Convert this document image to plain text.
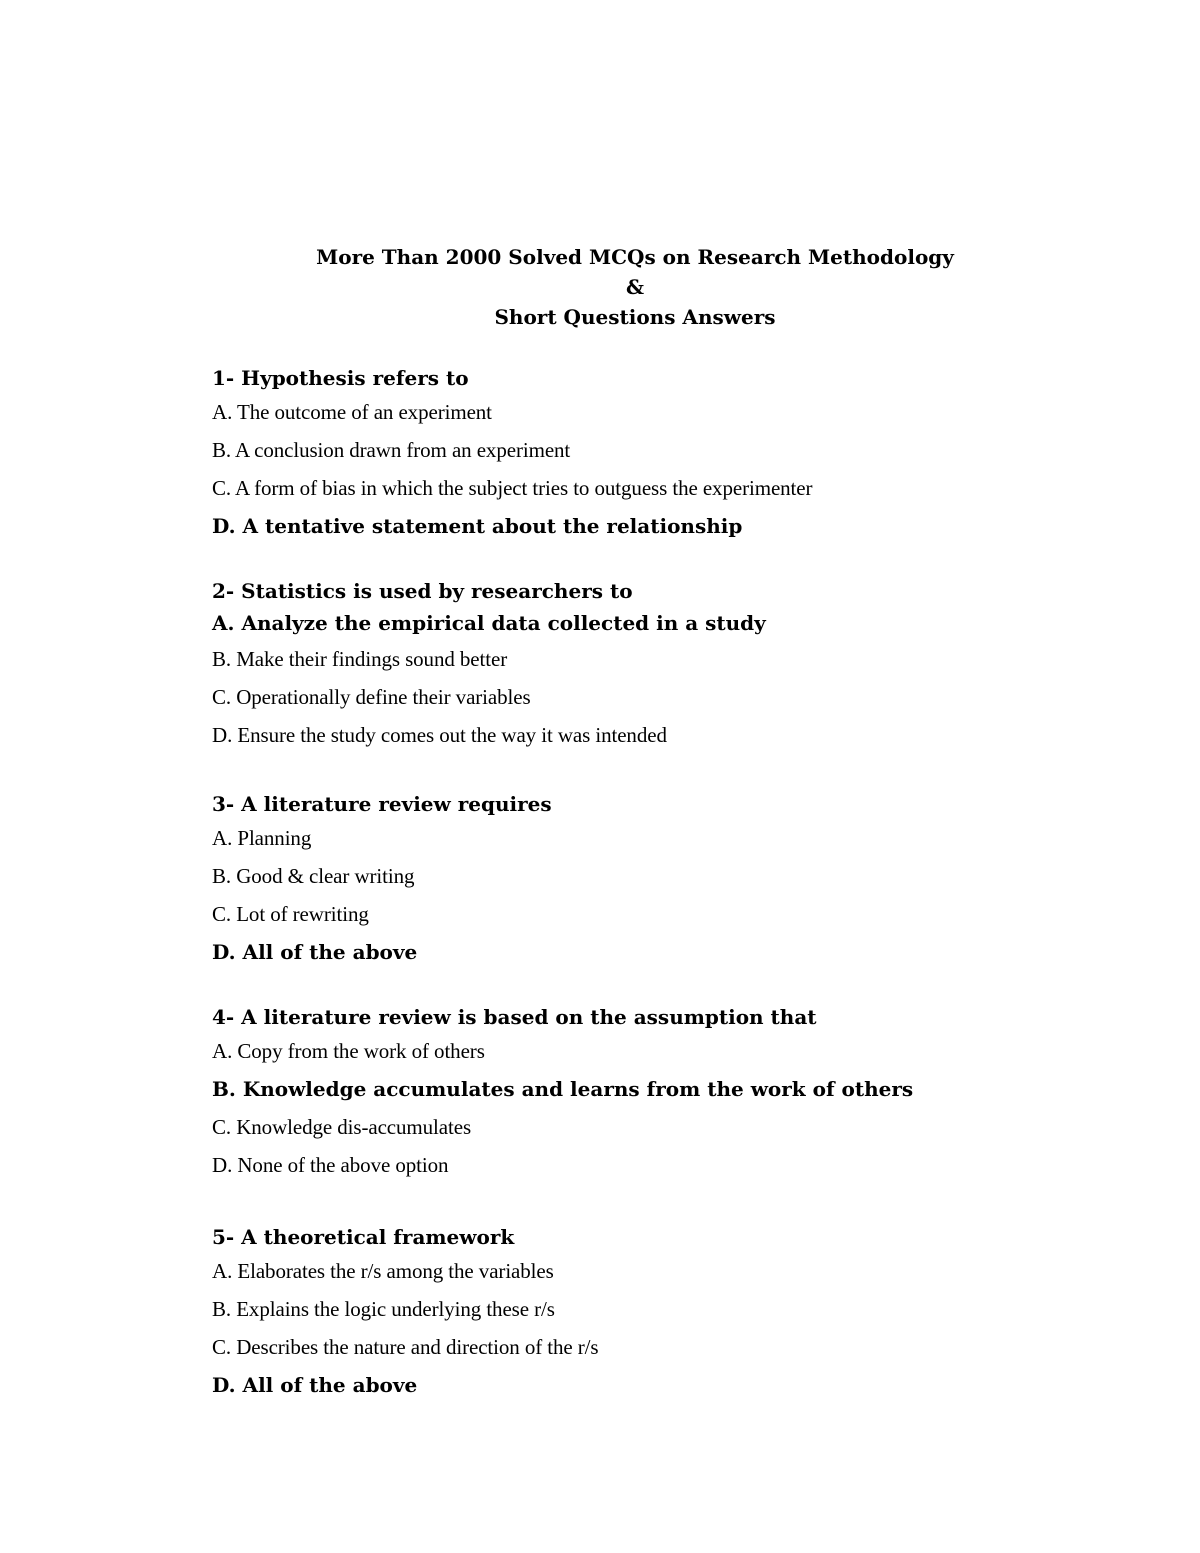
More Than 2000 Solved MCQs on Research Methodology
&
Short Questions Answers
1- Hypothesis refers to
A. The outcome of an experiment
B. A conclusion drawn from an experiment
C. A form of bias in which the subject tries to outguess the experimenter
D. A tentative statement about the relationship
2- Statistics is used by researchers to
A. Analyze the empirical data collected in a study
B. Make their findings sound better
C. Operationally define their variables
D. Ensure the study comes out the way it was intended
3- A literature review requires
A. Planning
B. Good & clear writing
C. Lot of rewriting
D. All of the above
4- A literature review is based on the assumption that
A. Copy from the work of others
B. Knowledge accumulates and learns from the work of others
C. Knowledge dis-accumulates
D. None of the above option
5- A theoretical framework
A. Elaborates the r/s among the variables
B. Explains the logic underlying these r/s
C. Describes the nature and direction of the r/s
D. All of the above
